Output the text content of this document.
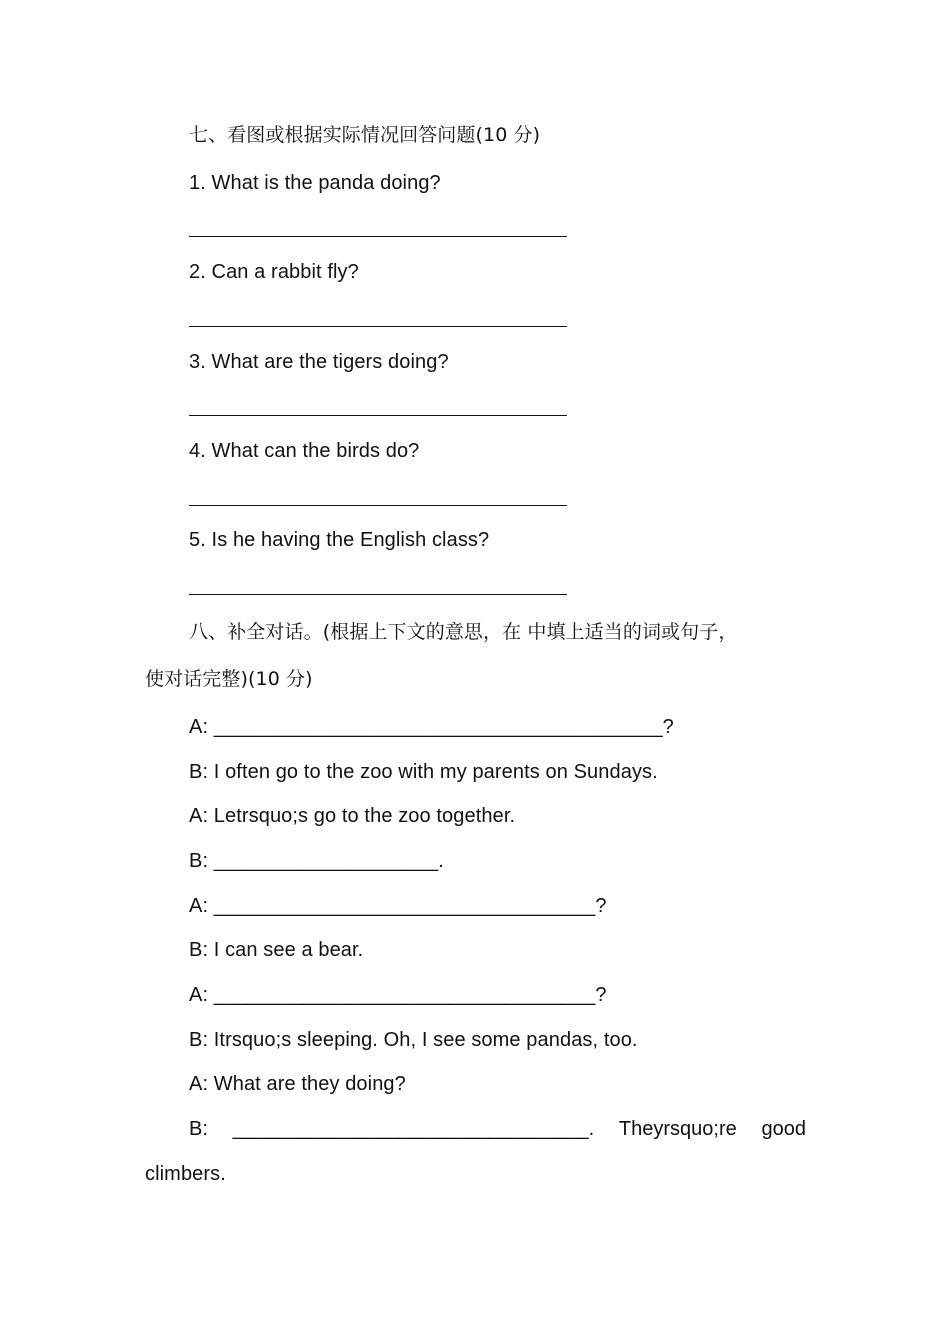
七、看图或根据实际情况回答问题(10 分)

1. What is the panda doing?

2. Can a rabbit fly?

3. What are the tigers doing?

4. What can the birds do?

5. Is he having the English class?

八、补全对话。(根据上下文的意思，在 中填上适当的词或句子，

使对话完整)(10 分)

A: ________________________________________?

B: I often go to the zoo with my parents on Sundays.

A: Letrsquo;s go to the zoo together.

B: ____________________.

A: __________________________________?

B: I can see a bear.

A: __________________________________?

B: Itrsquo;s sleeping. Oh, I see some pandas, too.

A: What are they doing?

B: ________________________________. Theyrsquo;re good

climbers.
